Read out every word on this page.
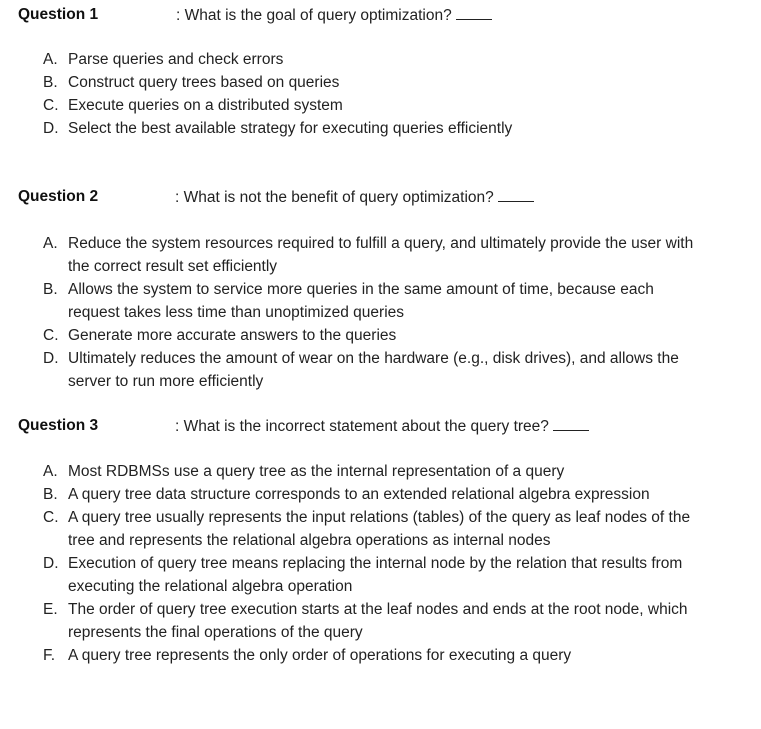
Question 1	: What is the goal of query optimization?
A. Parse queries and check errors
B. Construct query trees based on queries
C. Execute queries on a distributed system
D. Select the best available strategy for executing queries efficiently
Question 2	: What is not the benefit of query optimization?
A. Reduce the system resources required to fulfill a query, and ultimately provide the user with the correct result set efficiently
B. Allows the system to service more queries in the same amount of time, because each request takes less time than unoptimized queries
C. Generate more accurate answers to the queries
D. Ultimately reduces the amount of wear on the hardware (e.g., disk drives), and allows the server to run more efficiently
Question 3	: What is the incorrect statement about the query tree?
A. Most RDBMSs use a query tree as the internal representation of a query
B. A query tree data structure corresponds to an extended relational algebra expression
C. A query tree usually represents the input relations (tables) of the query as leaf nodes of the tree and represents the relational algebra operations as internal nodes
D. Execution of query tree means replacing the internal node by the relation that results from executing the relational algebra operation
E. The order of query tree execution starts at the leaf nodes and ends at the root node, which represents the final operations of the query
F. A query tree represents the only order of operations for executing a query
